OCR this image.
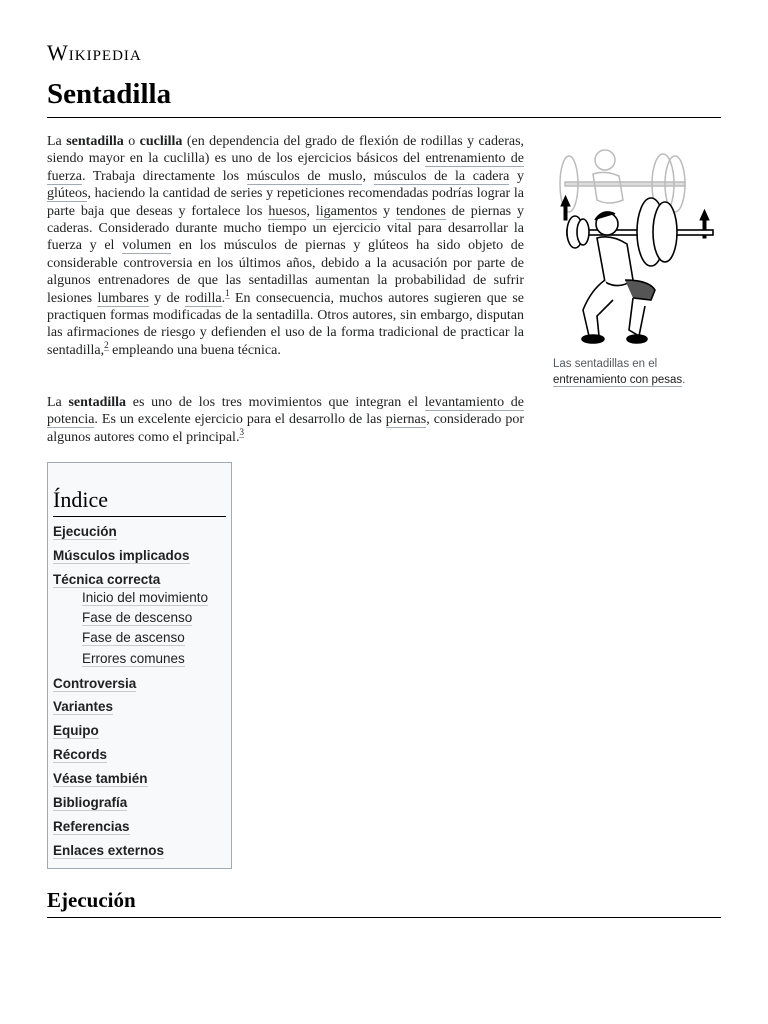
Wikipedia
Sentadilla

La sentadilla o cuclilla (en dependencia del grado de flexión de rodillas y caderas, siendo mayor en la cuclilla) es uno de los ejercicios básicos del entrenamiento de fuerza. Trabaja directamente los músculos de muslo, músculos de la cadera y glúteos, haciendo la cantidad de series y repeticiones recomendadas podrías lograr la parte baja que deseas y fortalece los huesos, ligamentos y tendones de piernas y caderas. Considerado durante mucho tiempo un ejercicio vital para desarrollar la fuerza y el volumen en los músculos de piernas y glúteos ha sido objeto de considerable controversia en los últimos años, debido a la acusación por parte de algunos entrenadores de que las sentadillas aumentan la probabilidad de sufrir lesiones lumbares y de rodilla.$^1$ En consecuencia, muchos autores sugieren que se practiquen formas modificadas de la sentadilla. Otros autores, sin embargo, disputan las afirmaciones de riesgo y defienden el uso de la forma tradicional de practicar la sentadilla,$^2$ empleando una buena técnica.

La sentadilla es uno de los tres movimientos que integran el levantamiento de potencia. Es un excelente ejercicio para el desarrollo de las piernas, considerado por algunos autores como el principal.$^3$

Las sentadillas en el entrenamiento con pesas.
Índice
Ejecución
Músculos implicados
Técnica correcta
Inicio del movimiento
Fase de descenso
Fase de ascenso
Errores comunes
Controversia
Variantes
Equipo
Récords
Véase también
Bibliografía
Referencias
Enlaces externos
Ejecución
